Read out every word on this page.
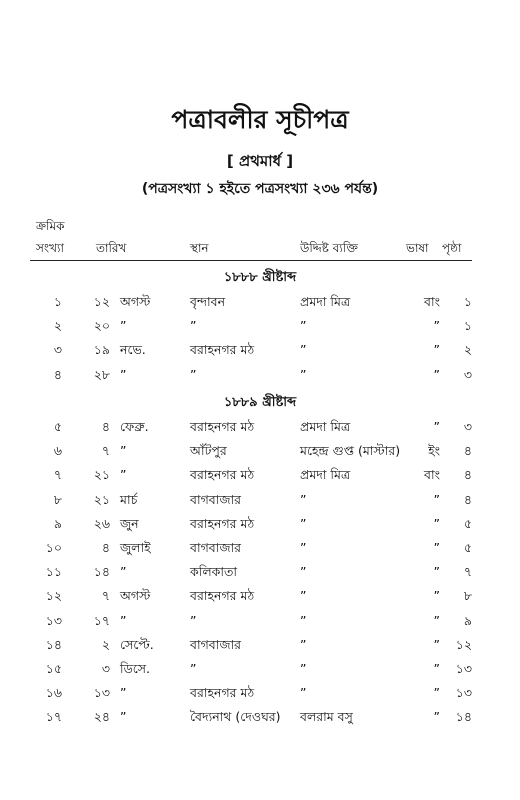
পত্রাবলীর সূচীপত্র
[ প্রথমার্ধ ]
(পত্রসংখ্যা ১ হইতে পত্রসংখ্যা ২৩৬ পর্যন্ত)
ক্রমিক
সংখ্যা	তারিখ	স্থান	উদ্দিষ্ট ব্যক্তি	ভাষা পৃষ্ঠা
১৮৮৮ খ্রীষ্টাব্দ
১	১২ অগস্ট	বৃন্দাবন	প্রমদা মিত্র	বাং	১
২	২০ ”	”	”	”	১
৩	১৯ নভে.	বরাহনগর মঠ	”	”	২
৪	২৮ ”	”	”	”	৩
১৮৮৯ খ্রীষ্টাব্দ
৫	৪ ফেব্রু.	বরাহনগর মঠ	প্রমদা মিত্র	”	৩
৬	৭ ”	আঁটপুর	মহেন্দ্র গুপ্ত (মাস্টার)	ইং	৪
৭	২১ ”	বরাহনগর মঠ	প্রমদা মিত্র	বাং	৪
৮	২১ মার্চ	বাগবাজার	”	”	৪
৯	২৬ জুন	বরাহনগর মঠ	”	”	৫
১০	৪ জুলাই	বাগবাজার	”	”	৫
১১	১৪ ”	কলিকাতা	”	”	৭
১২	৭ অগস্ট	বরাহনগর মঠ	”	”	৮
১৩	১৭ ”	”	”	”	৯
১৪	২ সেপ্টে.	বাগবাজার	”	”	১২
১৫	৩ ডিসে.	”	”	”	১৩
১৬	১৩ ”	বরাহনগর মঠ	”	”	১৩
১৭	২৪ ”	বৈদ্যনাথ (দেওঘর)	বলরাম বসু	”	১৪
